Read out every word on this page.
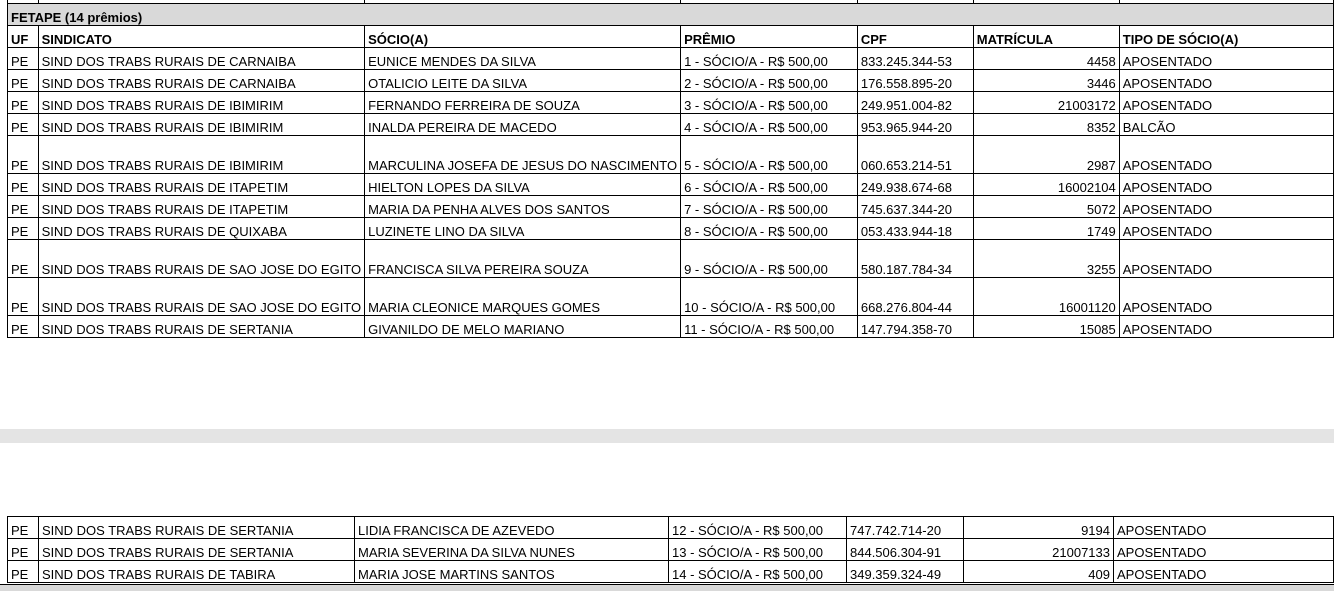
FETAPE (14 prêmios)						
UF	SINDICATO	SÓCIO(A)	PRÊMIO	CPF	MATRÍCULA	TIPO DE SÓCIO(A)
PE	SIND DOS TRABS RURAIS DE CARNAIBA	EUNICE MENDES DA SILVA	1 - SÓCIO/A - R$ 500,00	833.245.344-53	4458	APOSENTADO
PE	SIND DOS TRABS RURAIS DE CARNAIBA	OTALICIO LEITE DA SILVA	2 - SÓCIO/A - R$ 500,00	176.558.895-20	3446	APOSENTADO
PE	SIND DOS TRABS RURAIS DE IBIMIRIM	FERNANDO FERREIRA DE SOUZA	3 - SÓCIO/A - R$ 500,00	249.951.004-82	21003172	APOSENTADO
PE	SIND DOS TRABS RURAIS DE IBIMIRIM	INALDA PEREIRA DE MACEDO	4 - SÓCIO/A - R$ 500,00	953.965.944-20	8352	BALCÃO
PE	SIND DOS TRABS RURAIS DE IBIMIRIM	MARCULINA JOSEFA DE JESUS DO NASCIMENTO	5 - SÓCIO/A - R$ 500,00	060.653.214-51	2987	APOSENTADO
PE	SIND DOS TRABS RURAIS DE ITAPETIM	HIELTON LOPES DA SILVA	6 - SÓCIO/A - R$ 500,00	249.938.674-68	16002104	APOSENTADO
PE	SIND DOS TRABS RURAIS DE ITAPETIM	MARIA DA PENHA ALVES DOS SANTOS	7 - SÓCIO/A - R$ 500,00	745.637.344-20	5072	APOSENTADO
PE	SIND DOS TRABS RURAIS DE QUIXABA	LUZINETE LINO DA SILVA	8 - SÓCIO/A - R$ 500,00	053.433.944-18	1749	APOSENTADO
PE	SIND DOS TRABS RURAIS DE SAO JOSE DO EGITO	FRANCISCA SILVA PEREIRA SOUZA	9 - SÓCIO/A - R$ 500,00	580.187.784-34	3255	APOSENTADO
PE	SIND DOS TRABS RURAIS DE SAO JOSE DO EGITO	MARIA CLEONICE MARQUES GOMES	10 - SÓCIO/A - R$ 500,00	668.276.804-44	16001120	APOSENTADO
PE	SIND DOS TRABS RURAIS DE SERTANIA	GIVANILDO DE MELO MARIANO	11 - SÓCIO/A - R$ 500,00	147.794.358-70	15085	APOSENTADO
PE	SIND DOS TRABS RURAIS DE SERTANIA	LIDIA FRANCISCA DE AZEVEDO	12 - SÓCIO/A - R$ 500,00	747.742.714-20	9194	APOSENTADO
PE	SIND DOS TRABS RURAIS DE SERTANIA	MARIA SEVERINA DA SILVA NUNES	13 - SÓCIO/A - R$ 500,00	844.506.304-91	21007133	APOSENTADO
PE	SIND DOS TRABS RURAIS DE TABIRA	MARIA JOSE MARTINS SANTOS	14 - SÓCIO/A - R$ 500,00	349.359.324-49	409	APOSENTADO
